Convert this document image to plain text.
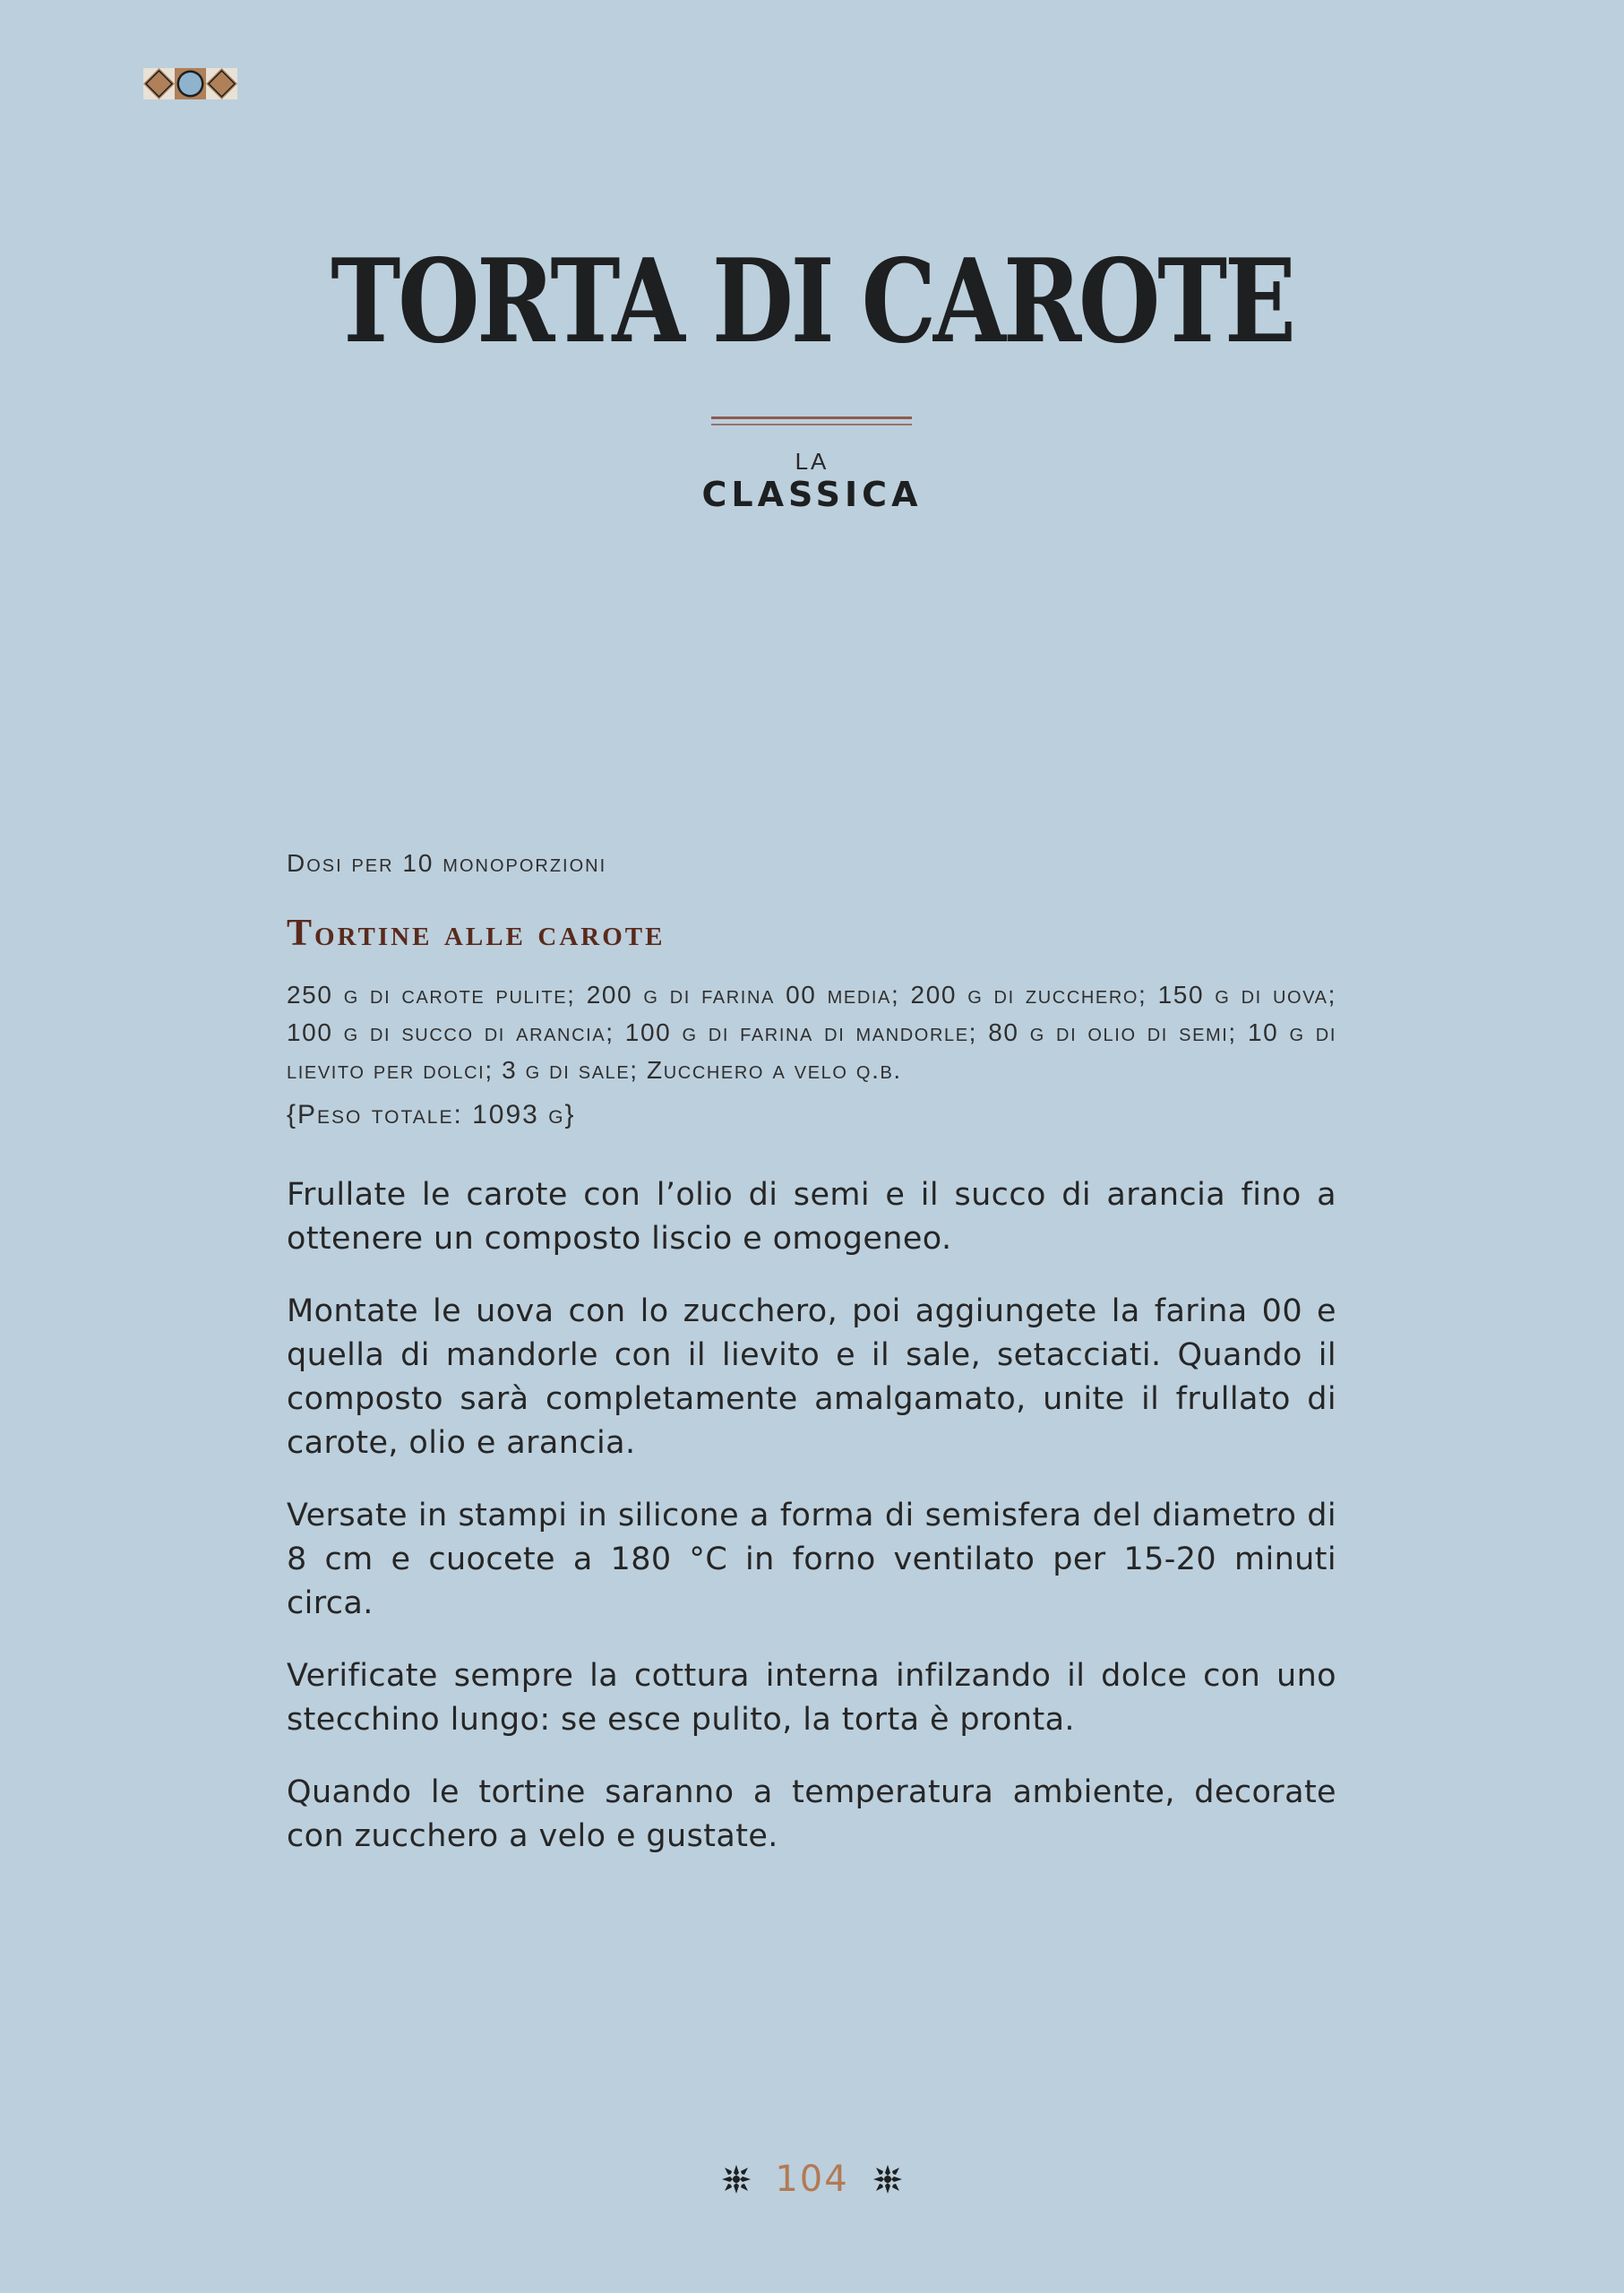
TORTA DI CAROTE
LA
CLASSICA

Dosi per 10 monoporzioni

Tortine alle carote

250 g di carote pulite; 200 g di farina 00 media; 200 g di zucchero; 150 g di uova; 100 g di succo di arancia; 100 g di farina di mandorle; 80 g di olio di semi; 10 g di lievito per dolci; 3 g di sale; Zucchero a velo q.b.

{Peso totale: 1093 g}

Frullate le carote con l’olio di semi e il succo di arancia fino a ottenere un composto liscio e omogeneo.

Montate le uova con lo zucchero, poi aggiungete la farina 00 e quella di mandorle con il lievito e il sale, setacciati. Quando il composto sarà completamente amalgamato, unite il frullato di carote, olio e arancia.

Versate in stampi in silicone a forma di semisfera del diametro di 8 cm e cuocete a 180 °C in forno ventilato per 15-20 minuti circa.

Verificate sempre la cottura interna infilzando il dolce con uno stecchino lungo: se esce pulito, la torta è pronta.

Quando le tortine saranno a temperatura ambiente, decorate con zucchero a velo e gustate.

104
